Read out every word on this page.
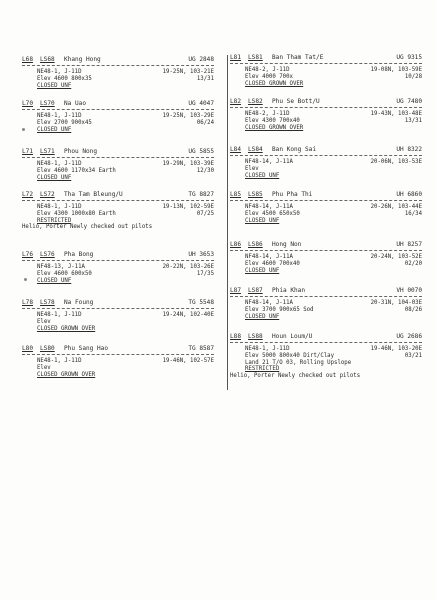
L68	LS68	Khang Hong	UG 2848
NE48-1, J-11D	19-25N, 103-21E
Elev 4600 800x35	13/31
CLOSED UNF
L70	LS70	Na Uao	UG 4047
NE48-1, J-11D	19-25N, 103-29E
Elev 2700 900x45	06/24
CLOSED UNF
L71	LS71	Phou Nong	UG 5855
NE48-1, J-11D	19-29N, 103-39E
Elev 4600 1170x34 Earth	12/30
CLOSED UNF
L72	LS72	Tha Tam Bleung/U	TG 8827
NE48-1, J-11D	19-13N, 102-59E
Elev 4300 1000x80 Earth	07/25
RESTRICTED
Helio, Porter Newly checked out pilots
L76	LS76	Pha Bong	UH 3653
NF48-13, J-11A	20-22N, 103-26E
Elev 4600 600x50	17/35
CLOSED UNF
L78	LS78	Na Foung	TG 5548
NE48-1, J-11D	19-24N, 102-40E
Elev
CLOSED GROWN OVER
L80	LS80	Phu Sang Hao	TG 8587
NE48-1, J-11D	19-46N, 102-57E
Elev
CLOSED GROWN OVER
L81	LS81	Ban Tham Tat/E	UG 9315
NE48-2, J-11D	19-08N, 103-59E
Elev 4000 700x	10/28
CLOSED GROWN OVER
L82	LS82	Phu Se Bott/U	UG 7480
NE48-2, J-11D	19-43N, 103-48E
Elev 4300 700x40	13/31
CLOSED GROWN OVER
L84	LS84	Ban Kong Sai	UH 8322
NF48-14, J-11A	20-06N, 103-53E
Elev
CLOSED UNF
L85	LS85	Phu Pha Thi	UH 6860
NF48-14, J-11A	20-26N, 103-44E
Elev 4500 650x50	16/34
CLOSED UNF
L86	LS86	Hong Non	UH 8257
NF48-14, J-11A	20-24N, 103-52E
Elev 4600 700x40	02/20
CLOSED UNF
L87	LS87	Phia Khan	VH 0070
NF48-14, J-11A	20-31N, 104-03E
Elev 3700 900x65 Sod	08/26
CLOSED UNF
L88	LS88	Houn Loum/U	UG 2686
NE48-1, J-11D	19-46N, 103-20E
Elev 5000 800x40 Dirt/Clay	03/21
Land 21 T/O 03, Rolling Upslope
RESTRICTED
Helio, Porter Newly checked out pilots
